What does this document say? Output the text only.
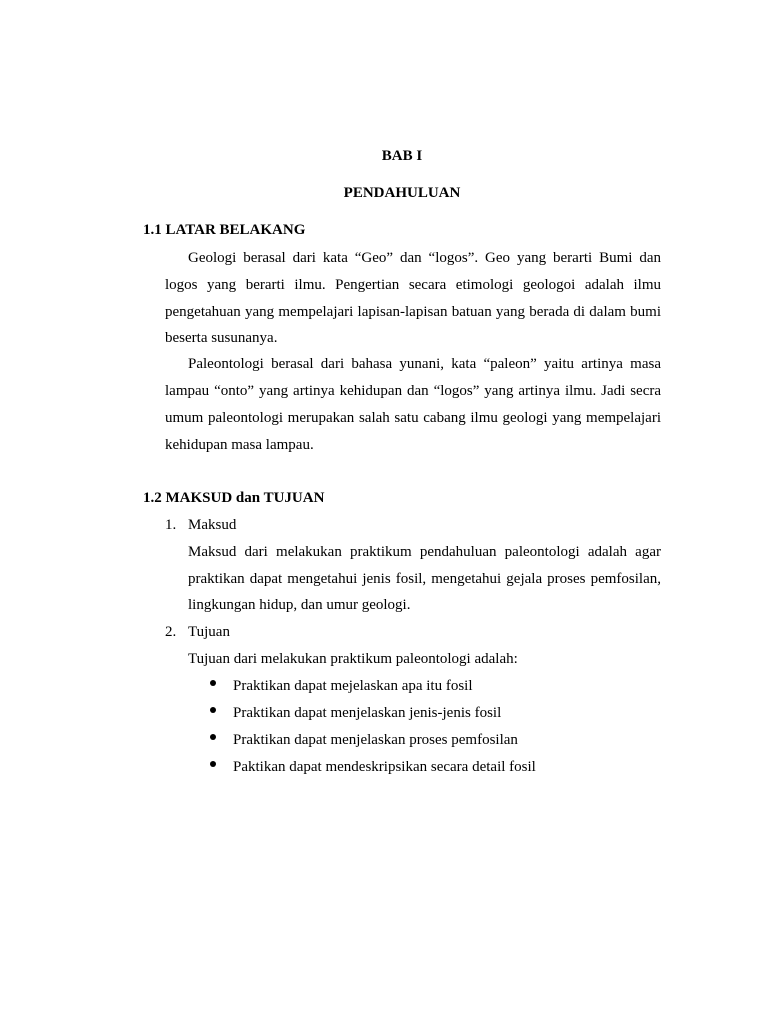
BAB I
PENDAHULUAN
1.1 LATAR BELAKANG
Geologi berasal dari kata “Geo” dan “logos”. Geo yang berarti Bumi dan
logos yang berarti ilmu. Pengertian secara etimologi geologoi adalah ilmu
pengetahuan yang mempelajari lapisan-lapisan batuan yang berada di dalam bumi
beserta susunanya.
Paleontologi berasal dari bahasa yunani, kata “paleon” yaitu artinya masa
lampau “onto” yang artinya kehidupan dan “logos” yang artinya ilmu. Jadi secra
umum paleontologi merupakan salah satu cabang ilmu geologi yang mempelajari
kehidupan masa lampau.
1.2 MAKSUD dan TUJUAN
1. Maksud
Maksud dari melakukan praktikum pendahuluan paleontologi adalah agar
praktikan dapat mengetahui jenis fosil, mengetahui gejala proses pemfosilan,
lingkungan hidup, dan umur geologi.
2. Tujuan
Tujuan dari melakukan praktikum paleontologi adalah:
Praktikan dapat mejelaskan apa itu fosil
Praktikan dapat menjelaskan jenis-jenis fosil
Praktikan dapat menjelaskan proses pemfosilan
Paktikan dapat mendeskripsikan secara detail fosil
